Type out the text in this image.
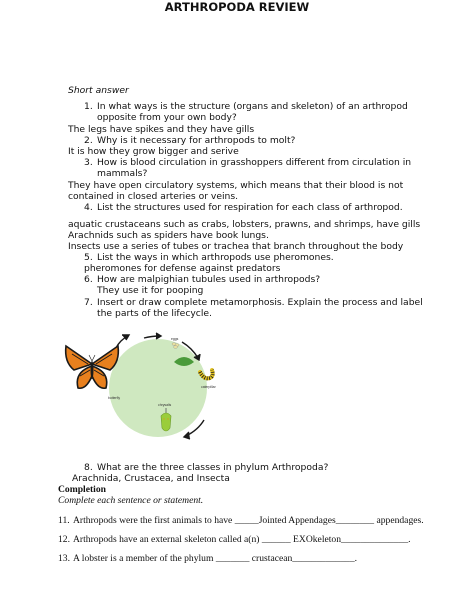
ARTHROPODA REVIEW
Short answer
1. In what ways is the structure (organs and skeleton) of an arthropod
opposite from your own body?
The legs have spikes and they have gills
2. Why is it necessary for arthropods to molt?
It is how they grow bigger and serive
3. How is blood circulation in grasshoppers different from circulation in
mammals?
They have open circulatory systems, which means that their blood is not
contained in closed arteries or veins.
4. List the structures used for respiration for each class of arthropod.
aquatic crustaceans such as crabs, lobsters, prawns, and shrimps, have gills
Arachnids such as spiders have book lungs.
Insects use a series of tubes or trachea that branch throughout the body
5. List the ways in which arthropods use pheromones.
pheromones for defense against predators
6. How are malpighian tubules used in arthropods?
They use it for pooping
7. Insert or draw complete metamorphosis. Explain the process and label
the parts of the lifecycle.
eggs
caterpillar
chrysalis
butterfly
8. What are the three classes in phylum Arthropoda?
Arachnida, Crustacea, and Insecta
Completion
Complete each sentence or statement.
11. Arthropods were the first animals to have _____Jointed Appendages________ appendages.
12. Arthropods have an external skeleton called a(n) ______ EXOkeleton______________.
13. A lobster is a member of the phylum _______ crustacean_____________.
